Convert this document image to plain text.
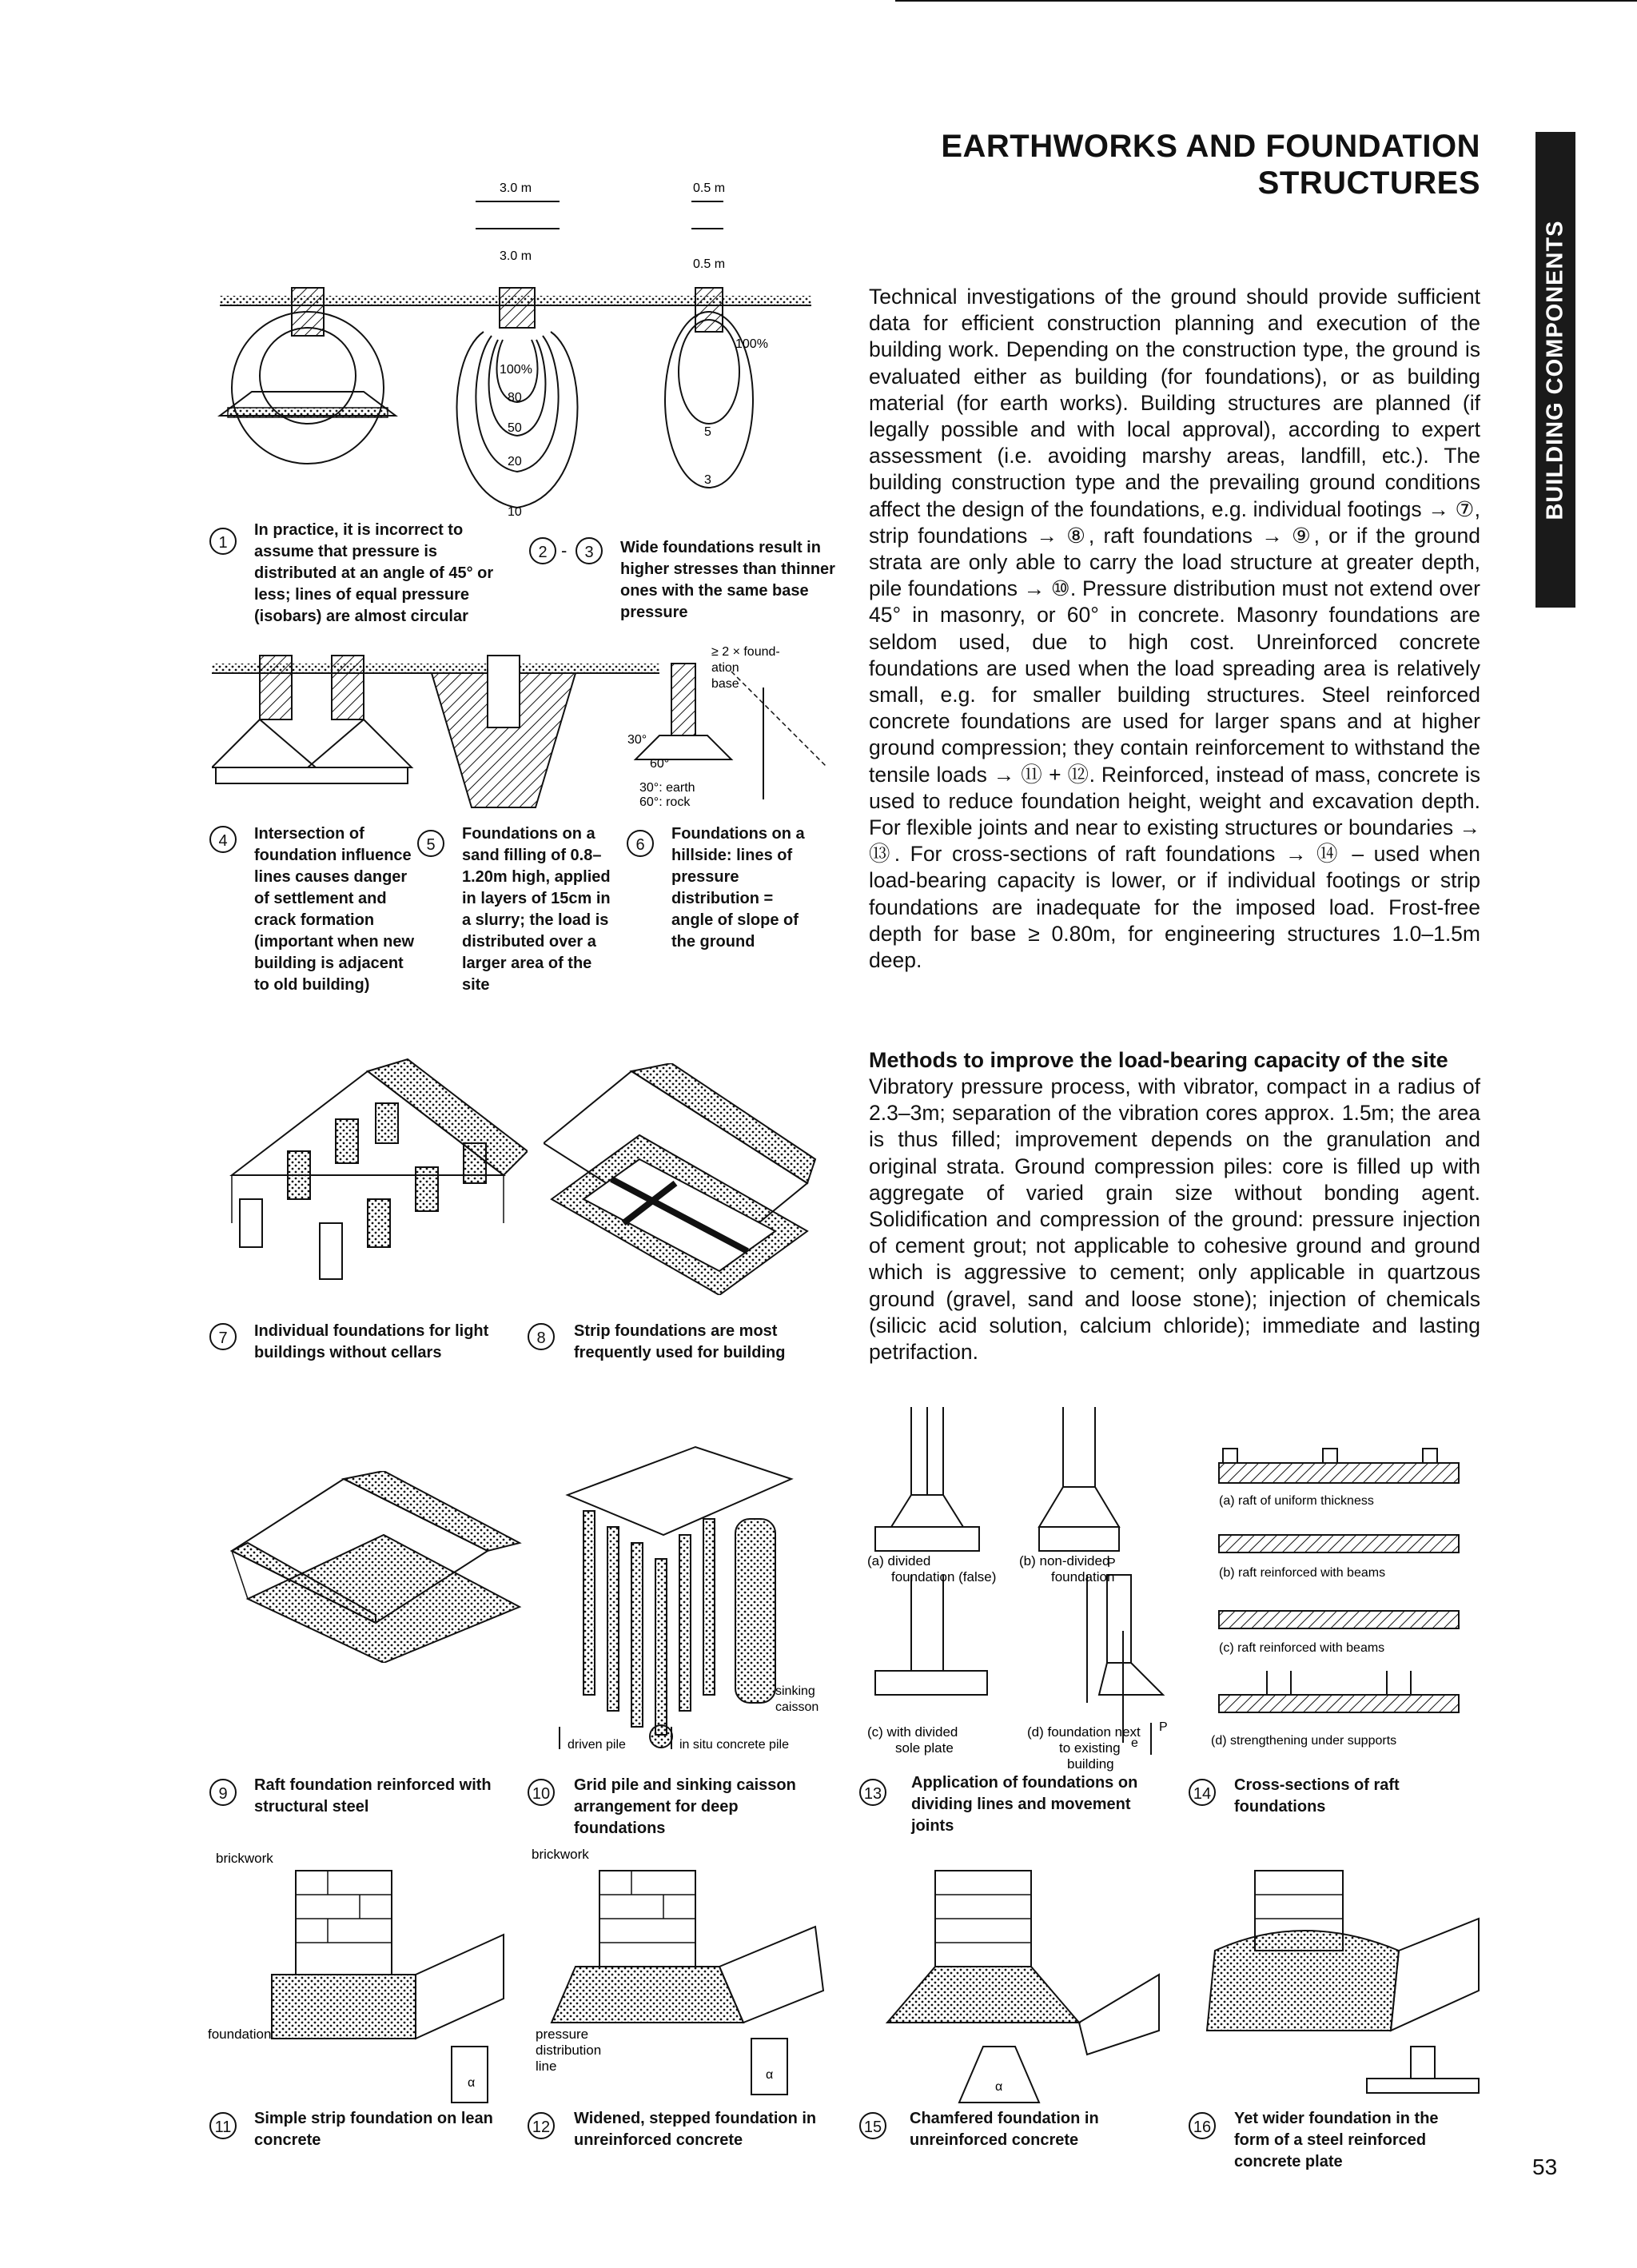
EARTHWORKS AND FOUNDATION
STRUCTURES
BUILDING COMPONENTS
Technical investigations of the ground should provide sufficient data for efficient construction planning and execution of the building work. Depending on the construction type, the ground is evaluated either as building (for foundations), or as building material (for earth works). Building structures are planned (if legally possible and with local approval), according to expert assessment (i.e. avoiding marshy areas, landfill, etc.). The building construction type and the prevailing ground conditions affect the design of the foundations, e.g. individual footings → ⑦, strip foundations → ⑧, raft foundations → ⑨, or if the ground strata are only able to carry the load structure at greater depth, pile foundations → ⑩. Pressure distribution must not extend over 45° in masonry, or 60° in concrete. Masonry foundations are seldom used, due to high cost. Unreinforced concrete foundations are used when the load spreading area is relatively small, e.g. for smaller building structures. Steel reinforced concrete foundations are used for larger spans and at higher ground compression; they contain reinforcement to withstand the tensile loads → ⑪ + ⑫. Reinforced, instead of mass, concrete is used to reduce foundation height, weight and excavation depth. For flexible joints and near to existing structures or boundaries → ⑬. For cross-sections of raft foundations → ⑭ – used when load-bearing capacity is lower, or if individual footings or strip foundations are inadequate for the imposed load. Frost-free depth for base ≥ 0.80m, for engineering structures 1.0–1.5m deep.
Methods to improve the load-bearing capacity of the site
Vibratory pressure process, with vibrator, compact in a radius of 2.3–3m; separation of the vibration cores approx. 1.5m; the area is thus filled; improvement depends on the granulation and original strata. Ground compression piles: core is filled up with aggregate of varied grain size without bonding agent. Solidification and compression of the ground: pressure injection of cement grout; not applicable to cohesive ground and ground which is aggressive to cement; only applicable in quartzous ground (gravel, sand and loose stone); injection of chemicals (silicic acid solution, calcium chloride); immediate and lasting petrifaction.
3.0 m
3.0 m
0.5 m
0.5 m
100%
80
50
20
10
100%
5
3
1
In practice, it is incorrect to assume that pressure is distributed at an angle of 45° or less; lines of equal pressure (isobars) are almost circular
2 -	3	Wide foundations result in higher stresses than thinner ones with the same base pressure
≥ 2 × found-
ation
base
30°
60°
30°: earth
60°: rock
4	Intersection of foundation influence lines causes danger of settlement and crack formation (important when new building is adjacent to old building)
5
Foundations on a sand filling of 0.8–1.20m high, applied in layers of 15cm in a slurry; the load is distributed over a larger area of the site
6
Foundations on a hillside: lines of pressure distribution = angle of slope of the ground
7	Individual foundations for light buildings without cellars
8	Strip foundations are most frequently used for building
sinking
caisson
driven pile	in situ concrete pile
9	Raft foundation reinforced with structural steel
10 Grid pile and sinking caisson arrangement for deep foundations
P
P
e
(a) divided
foundation (false)
(b) non-divided
foundation
(c) with divided
sole plate
(d) foundation next
to existing
building
13
Application of foundations on dividing lines and movement joints
(a) raft of uniform thickness
(b) raft reinforced with beams
(c) raft reinforced with beams
(d) strengthening under supports
14 Cross-sections of raft foundations
brickwork
foundation
α
brickwork
pressure
distribution
line
α
α
11	Simple strip foundation on lean concrete
12 Widened, stepped foundation in unreinforced concrete
15 Chamfered foundation in unreinforced concrete
16 Yet wider foundation in the form of a steel reinforced concrete plate	53
